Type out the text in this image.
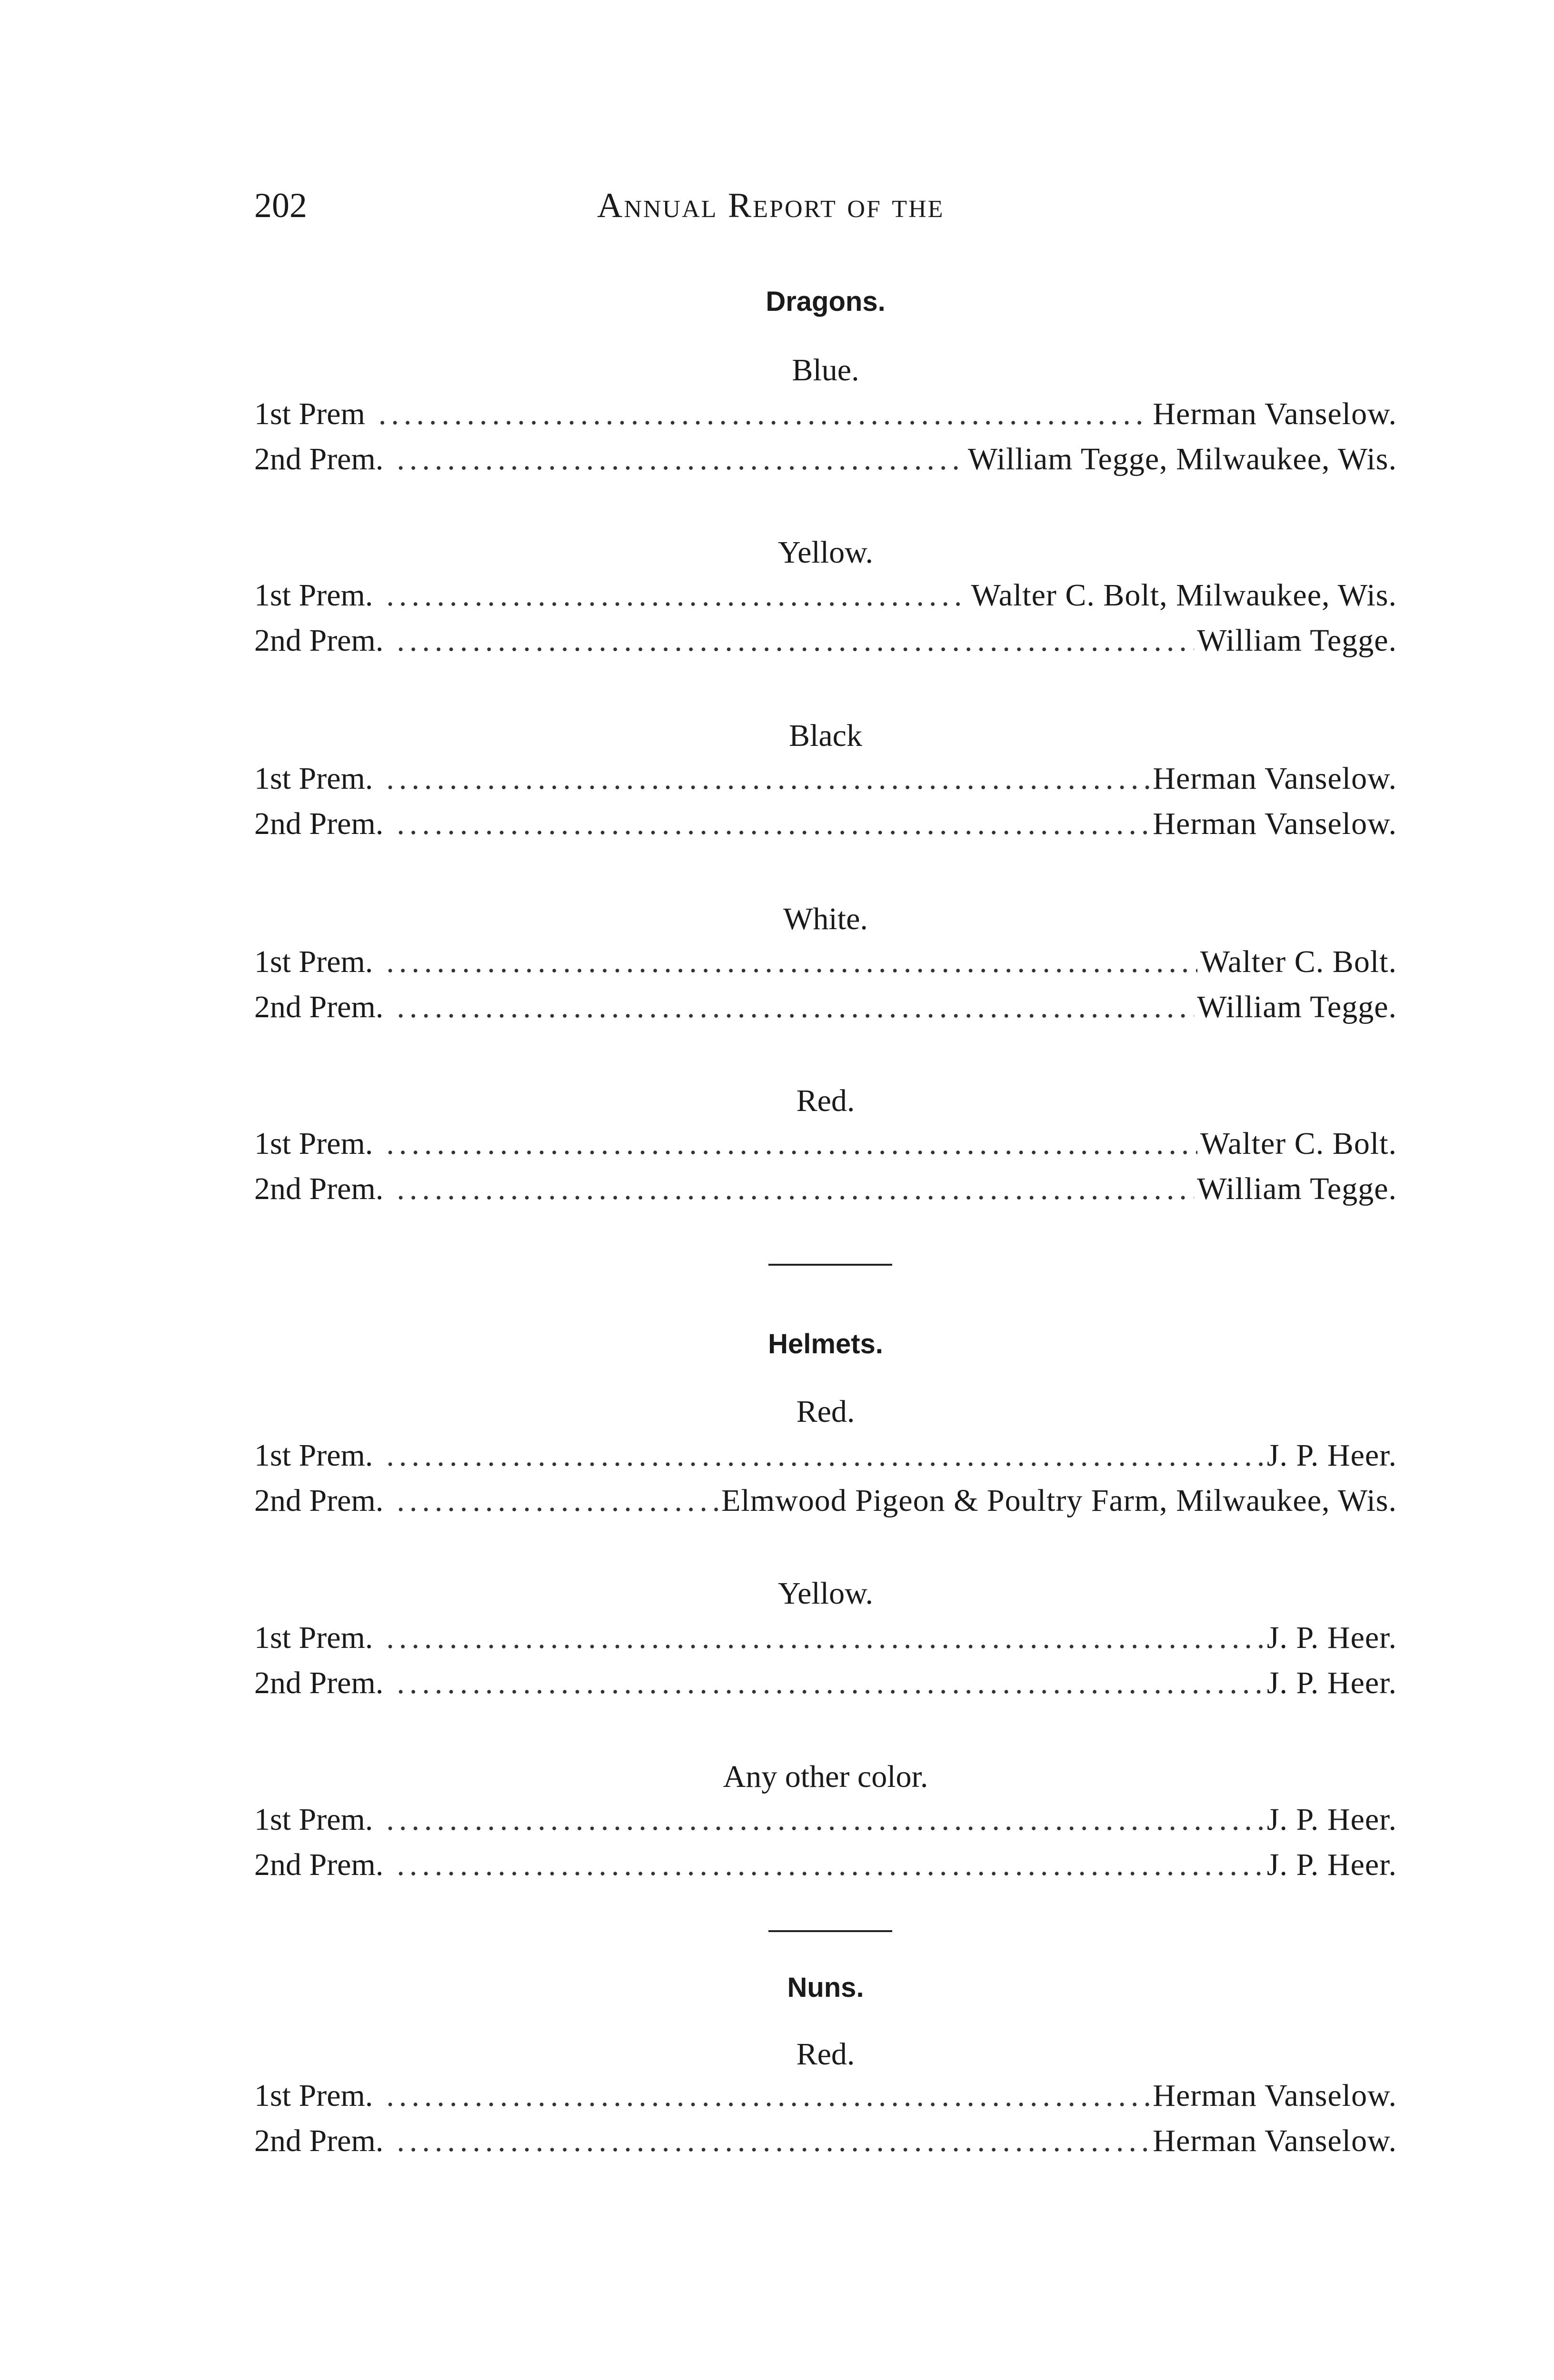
202	Annual Report of the
Dragons.
Blue.
1st Prem .....	Herman Vanselow.
2nd Prem. .....	William Tegge, Milwaukee, Wis.
Yellow.
1st Prem. .....	Walter C. Bolt, Milwaukee, Wis.
2nd Prem. .....	William Tegge.
Black
1st Prem. .....	Herman Vanselow.
2nd Prem. .....	Herman Vanselow.
White.
1st Prem. .....	Walter C. Bolt.
2nd Prem. .....	William Tegge.
Red.
1st Prem. .....	Walter C. Bolt.
2nd Prem. .....	William Tegge.
Helmets.
Red.
1st Prem. .....	J. P. Heer.
2nd Prem. .....	Elmwood Pigeon & Poultry Farm, Milwaukee, Wis.
Yellow.
1st Prem. .....	J. P. Heer.
2nd Prem. .....	J. P. Heer.
Any other color.
1st Prem. .....	J. P. Heer.
2nd Prem. .....	J. P. Heer.
Nuns.
Red.
1st Prem. .....	Herman Vanselow.
2nd Prem. .....	Herman Vanselow.
